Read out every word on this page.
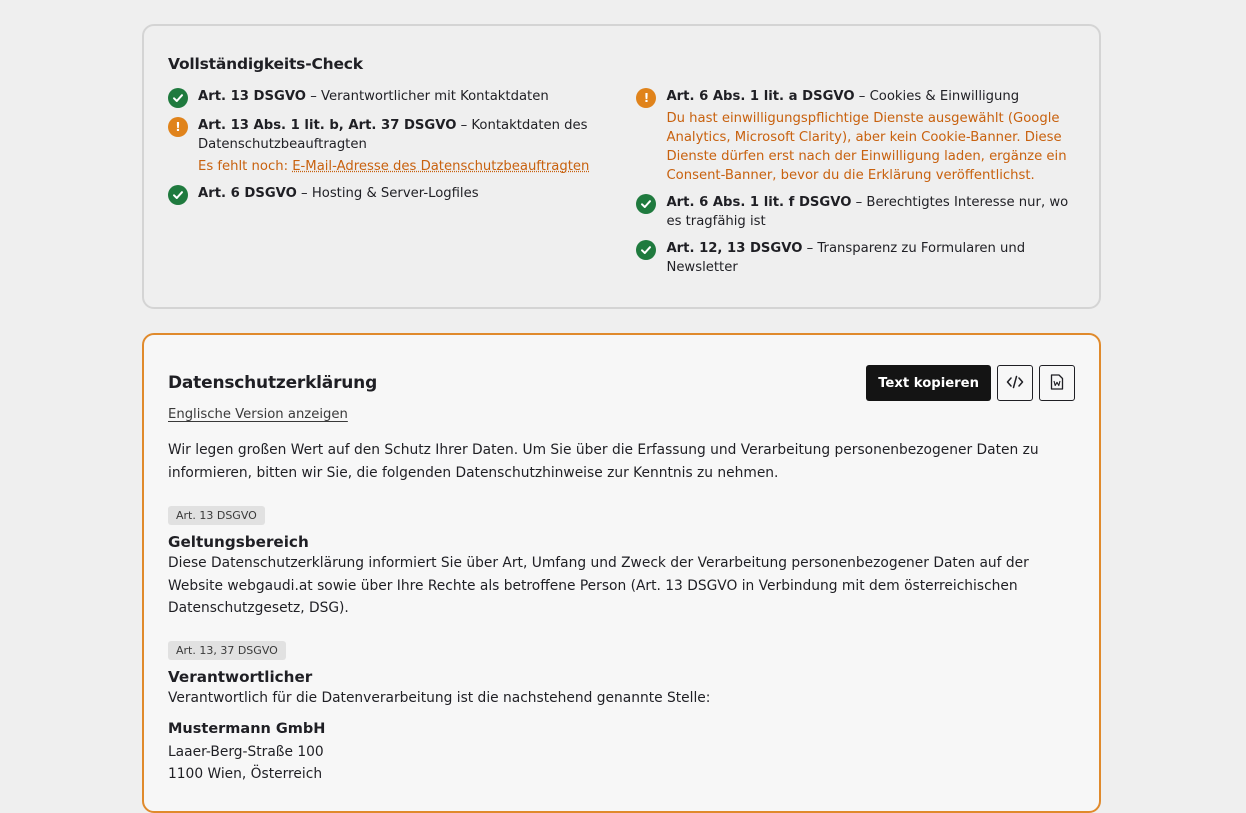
Vollständigkeits-Check
Art. 13 DSGVO – Verantwortlicher mit Kontaktdaten
!	Art. 13 Abs. 1 lit. b, Art. 37 DSGVO – Kontaktdaten des Datenschutzbeauftragten
Es fehlt noch: E-Mail-Adresse des Datenschutzbeauftragten
Art. 6 DSGVO – Hosting & Server-Logfiles
!	Art. 6 Abs. 1 lit. a DSGVO – Cookies & Einwilligung
Du hast einwilligungspflichtige Dienste ausgewählt (Google Analytics, Microsoft Clarity), aber kein Cookie-Banner. Diese Dienste dürfen erst nach der Einwilligung laden, ergänze ein Consent-Banner, bevor du die Erklärung veröffentlichst.
Art. 6 Abs. 1 lit. f DSGVO – Berechtigtes Interesse nur, wo es tragfähig ist
Art. 12, 13 DSGVO – Transparenz zu Formularen und Newsletter
Datenschutzerklärung	Text kopieren
Englische Version anzeigen

Wir legen großen Wert auf den Schutz Ihrer Daten. Um Sie über die Erfassung und Verarbeitung personenbezogener Daten zu informieren, bitten wir Sie, die folgenden Datenschutzhinweise zur Kenntnis zu nehmen.

Art. 13 DSGVO
Geltungsbereich

Diese Datenschutzerklärung informiert Sie über Art, Umfang und Zweck der Verarbeitung personenbezogener Daten auf der Website webgaudi.at sowie über Ihre Rechte als betroffene Person (Art. 13 DSGVO in Verbindung mit dem österreichischen Datenschutzgesetz, DSG).

Art. 13, 37 DSGVO
Verantwortlicher

Verantwortlich für die Datenverarbeitung ist die nachstehend genannte Stelle:

Mustermann GmbH
Laaer-Berg-Straße 100
1100 Wien, Österreich
